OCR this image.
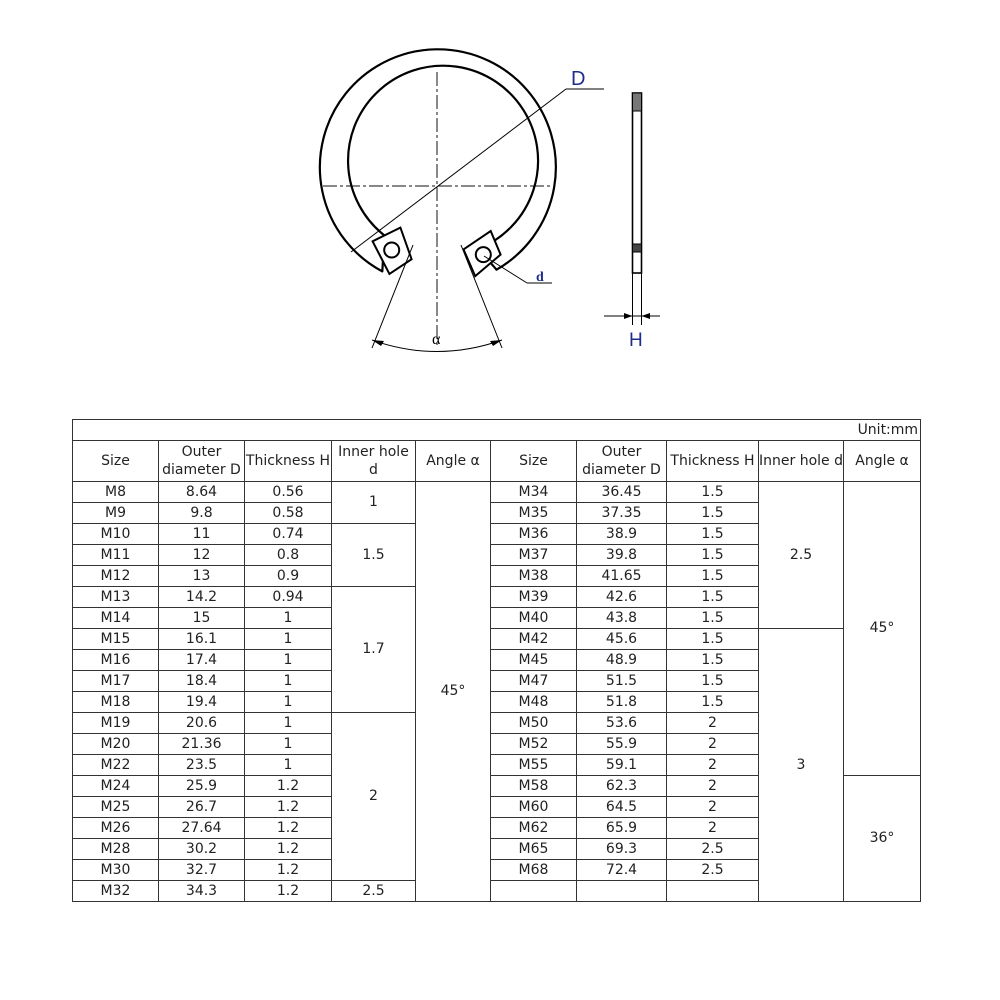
D
d
α	H
Unit:mm									
Size	Outer diameter D	Thickness H	Inner hole d	Angle α	Size	Outer diameter D	Thickness H	Inner hole d	Angle α
M8	8.64	0.56	1	45°	M34	36.45	1.5	2.5	45°
M9	9.8	0.58			M35	37.35	1.5		
M10	11	0.74	1.5		M36	38.9	1.5		
M11	12	0.8			M37	39.8	1.5		
M12	13	0.9			M38	41.65	1.5		
M13	14.2	0.94	1.7		M39	42.6	1.5		
M14	15	1			M40	43.8	1.5		
M15	16.1	1			M42	45.6	1.5	3	
M16	17.4	1			M45	48.9	1.5		
M17	18.4	1			M47	51.5	1.5		
M18	19.4	1			M48	51.8	1.5		
M19	20.6	1	2		M50	53.6	2		
M20	21.36	1			M52	55.9	2		
M22	23.5	1			M55	59.1	2		
M24	25.9	1.2			M58	62.3	2		36°
M25	26.7	1.2			M60	64.5	2		
M26	27.64	1.2			M62	65.9	2		
M28	30.2	1.2			M65	69.3	2.5		
M30	32.7	1.2			M68	72.4	2.5		
M32	34.3	1.2	2.5						
